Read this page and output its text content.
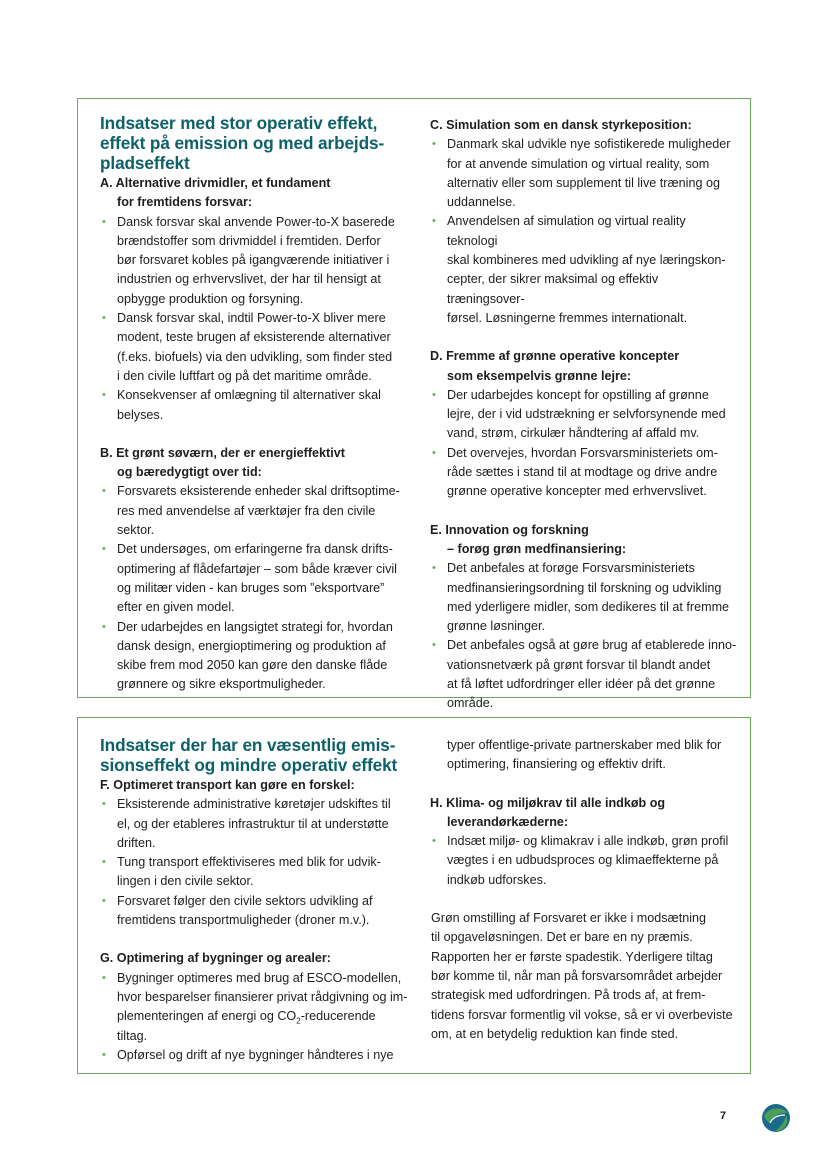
Indsatser med stor operativ effekt,
effekt på emission og med arbejds-
pladseffekt

A. Alternative drivmidler, et fundament
for fremtidens forsvar:

• Dansk forsvar skal anvende Power-to-X baserede
brændstoffer som drivmiddel i fremtiden. Derfor
bør forsvaret kobles på igangværende initiativer i
industrien og erhvervslivet, der har til hensigt at
opbygge produktion og forsyning.
• Dansk forsvar skal, indtil Power-to-X bliver mere
modent, teste brugen af eksisterende alternativer
(f.eks. biofuels) via den udvikling, som finder sted
i den civile luftfart og på det maritime område.
• Konsekvenser af omlægning til alternativer skal
belyses.

B. Et grønt søværn, der er energieffektivt
og bæredygtigt over tid:

• Forsvarets eksisterende enheder skal driftsoptime-
res med anvendelse af værktøjer fra den civile sektor.
• Det undersøges, om erfaringerne fra dansk drifts-
optimering af flådefartøjer – som både kræver civil
og militær viden - kan bruges som ”eksportvare”
efter en given model.
• Der udarbejdes en langsigtet strategi for, hvordan
dansk design, energioptimering og produktion af
skibe frem mod 2050 kan gøre den danske flåde
grønnere og sikre eksportmuligheder.

C. Simulation som en dansk styrkeposition:

• Danmark skal udvikle nye sofistikerede muligheder
for at anvende simulation og virtual reality, som
alternativ eller som supplement til live træning og
uddannelse.
• Anvendelsen af simulation og virtual reality teknologi
skal kombineres med udvikling af nye læringskon-
cepter, der sikrer maksimal og effektiv træningsover-
førsel. Løsningerne fremmes internationalt.

D. Fremme af grønne operative koncepter
som eksempelvis grønne lejre:

• Der udarbejdes koncept for opstilling af grønne
lejre, der i vid udstrækning er selvforsynende med
vand, strøm, cirkulær håndtering af affald mv.
• Det overvejes, hvordan Forsvarsministeriets om-
råde sættes i stand til at modtage og drive andre
grønne operative koncepter med erhvervslivet.

E. Innovation og forskning
– forøg grøn medfinansiering:

• Det anbefales at forøge Forsvarsministeriets
medfinansieringsordning til forskning og udvikling
med yderligere midler, som dedikeres til at fremme
grønne løsninger.
• Det anbefales også at gøre brug af etablerede inno-
vationsnetværk på grønt forsvar til blandt andet
at få løftet udfordringer eller idéer på det grønne
område.
Indsatser der har en væsentlig emis-
sionseffekt og mindre operativ effekt

F. Optimeret transport kan gøre en forskel:

• Eksisterende administrative køretøjer udskiftes til
el, og der etableres infrastruktur til at understøtte
driften.
• Tung transport effektiviseres med blik for udvik-
lingen i den civile sektor.
• Forsvaret følger den civile sektors udvikling af
fremtidens transportmuligheder (droner m.v.).

G. Optimering af bygninger og arealer:

• Bygninger optimeres med brug af ESCO-modellen,
hvor besparelser finansierer privat rådgivning og im-
plementeringen af energi og $CO_2$-reducerende tiltag.
• Opførsel og drift af nye bygninger håndteres i nye
typer offentlige-private partnerskaber med blik for
optimering, finansiering og effektiv drift.

H. Klima- og miljøkrav til alle indkøb og
leverandørkæderne:

• Indsæt miljø- og klimakrav i alle indkøb, grøn profil
vægtes i en udbudsproces og klimaeffekterne på
indkøb udforskes.
Grøn omstilling af Forsvaret er ikke i modsætning
til opgaveløsningen. Det er bare en ny præmis.
Rapporten her er første spadestik. Yderligere tiltag
bør komme til, når man på forsvarsområdet arbejder
strategisk med udfordringen. På trods af, at frem-
tidens forsvar formentlig vil vokse, så er vi overbeviste
om, at en betydelig reduktion kan finde sted.
7
